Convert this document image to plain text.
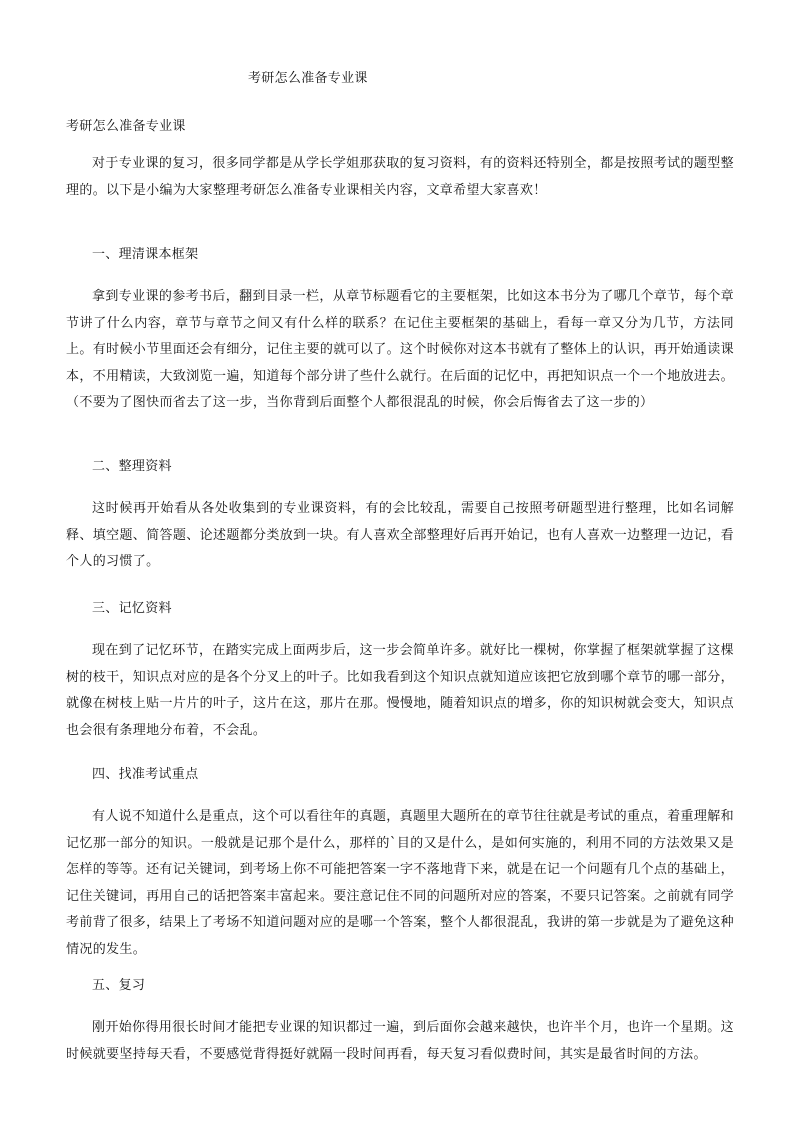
考研怎么准备专业课
考研怎么准备专业课

对于专业课的复习，很多同学都是从学长学姐那获取的复习资料，有的资料还特别全，都是按照考试的题型整理的。以下是小编为大家整理考研怎么准备专业课相关内容，文章希望大家喜欢！

一、理清课本框架

拿到专业课的参考书后，翻到目录一栏，从章节标题看它的主要框架，比如这本书分为了哪几个章节，每个章节讲了什么内容，章节与章节之间又有什么样的联系？在记住主要框架的基础上，看每一章又分为几节，方法同上。有时候小节里面还会有细分，记住主要的就可以了。这个时候你对这本书就有了整体上的认识，再开始通读课本，不用精读，大致浏览一遍，知道每个部分讲了些什么就行。在后面的记忆中，再把知识点一个一个地放进去。（不要为了图快而省去了这一步，当你背到后面整个人都很混乱的时候，你会后悔省去了这一步的）

二、整理资料

这时候再开始看从各处收集到的专业课资料，有的会比较乱，需要自己按照考研题型进行整理，比如名词解释、填空题、简答题、论述题都分类放到一块。有人喜欢全部整理好后再开始记，也有人喜欢一边整理一边记，看个人的习惯了。

三、记忆资料

现在到了记忆环节，在踏实完成上面两步后，这一步会简单许多。就好比一棵树，你掌握了框架就掌握了这棵树的枝干，知识点对应的是各个分叉上的叶子。比如我看到这个知识点就知道应该把它放到哪个章节的哪一部分，就像在树枝上贴一片片的叶子，这片在这，那片在那。慢慢地，随着知识点的增多，你的知识树就会变大，知识点也会很有条理地分布着，不会乱。

四、找准考试重点

有人说不知道什么是重点，这个可以看往年的真题，真题里大题所在的章节往往就是考试的重点，着重理解和记忆那一部分的知识。一般就是记那个是什么，那样的`目的又是什么，是如何实施的，利用不同的方法效果又是怎样的等等。还有记关键词，到考场上你不可能把答案一字不落地背下来，就是在记一个问题有几个点的基础上，记住关键词，再用自己的话把答案丰富起来。要注意记住不同的问题所对应的答案，不要只记答案。之前就有同学考前背了很多，结果上了考场不知道问题对应的是哪一个答案，整个人都很混乱，我讲的第一步就是为了避免这种情况的发生。

五、复习

刚开始你得用很长时间才能把专业课的知识都过一遍，到后面你会越来越快，也许半个月，也许一个星期。这时候就要坚持每天看，不要感觉背得挺好就隔一段时间再看，每天复习看似费时间，其实是最省时间的方法。
